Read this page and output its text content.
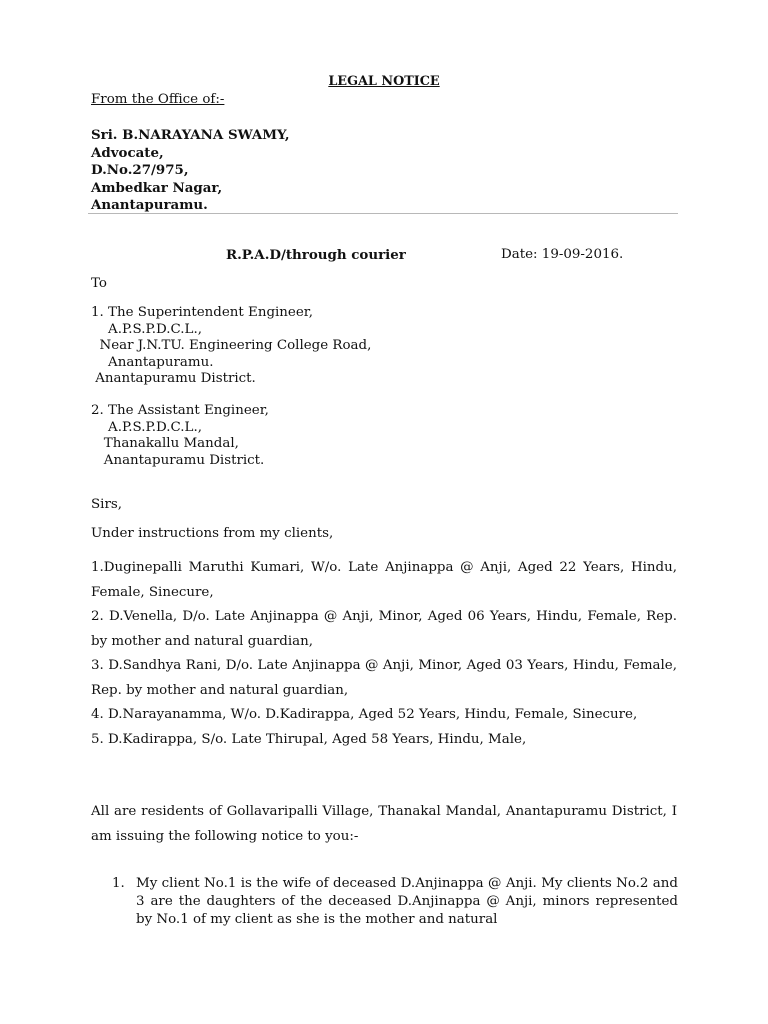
LEGAL NOTICE
From the Office of:-
Sri. B.NARAYANA SWAMY,
Advocate,
D.No.27/975,
Ambedkar Nagar,
Anantapuramu.
R.P.A.D/through courier	Date: 19-09-2016.
To
1. The Superintendent Engineer,
A.P.S.P.D.C.L.,
Near J.N.TU. Engineering College Road,
Anantapuramu.
Anantapuramu District.
2. The Assistant Engineer,
A.P.S.P.D.C.L.,
Thanakallu Mandal,
Anantapuramu District.
Sirs,
Under instructions from my clients,
1.Duginepalli Maruthi Kumari, W/o. Late Anjinappa @ Anji, Aged 22 Years, Hindu, Female, Sinecure,
2. D.Venella, D/o. Late Anjinappa @ Anji, Minor, Aged 06 Years, Hindu, Female, Rep. by mother and natural guardian,
3. D.Sandhya Rani, D/o. Late Anjinappa @ Anji, Minor, Aged 03 Years, Hindu, Female, Rep. by mother and natural guardian,
4. D.Narayanamma, W/o. D.Kadirappa, Aged 52 Years, Hindu, Female, Sinecure,
5. D.Kadirappa, S/o. Late Thirupal, Aged 58 Years, Hindu, Male,
All are residents of Gollavaripalli Village, Thanakal Mandal, Anantapuramu District, I am issuing the following notice to you:-
1. My client No.1 is the wife of deceased D.Anjinappa @ Anji. My clients No.2 and 3 are the daughters of the deceased D.Anjinappa @ Anji, minors represented by No.1 of my client as she is the mother and natural
